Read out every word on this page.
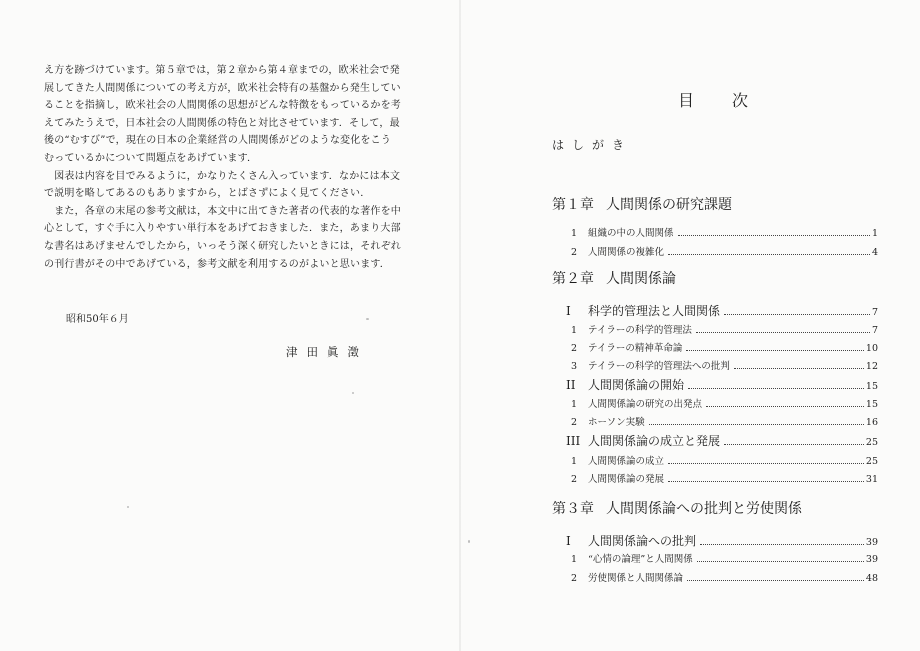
え方を跡づけています。第５章では，第２章から第４章までの，欧米社会で発
展してきた人間関係についての考え方が，欧米社会特有の基盤から発生してい
ることを指摘し，欧米社会の人間関係の思想がどんな特徴をもっているかを考
えてみたうえで，日本社会の人間関係の特色と対比させています．そして，最
後の“むすび”で，現在の日本の企業経営の人間関係がどのような変化をこう
むっているかについて問題点をあげています．
　図表は内容を目でみるように，かなりたくさん入っています．なかには本文
で説明を略してあるのもありますから，とばさずによく見てください．
　また，各章の末尾の参考文献は，本文中に出てきた著者の代表的な著作を中
心として，すぐ手に入りやすい単行本をあげておきました．また，あまり大部
な書名はあげませんでしたから，いっそう深く研究したいときには，それぞれ
の刊行書がその中であげている，参考文献を利用するのがよいと思います．
昭和50年６月
津田眞澂
目次
はしがき
第１章 人間関係の研究課題
1	組織の中の人間関係	1
2	人間関係の複雑化	4
第２章 人間関係論
I	科学的管理法と人間関係	7
1	テイラーの科学的管理法	7
2	テイラーの精神革命論	10
3	テイラーの科学的管理法への批判	12
II	人間関係論の開始	15
1	人間関係論の研究の出発点	15
2	ホーソン実験	16
III 人間関係論の成立と発展	25
1	人間関係論の成立	25
2	人間関係論の発展	31
第３章 人間関係論への批判と労使関係
I	人間関係論への批判	39
1	“心情の論理”と人間関係	39
2	労使関係と人間関係論	48
